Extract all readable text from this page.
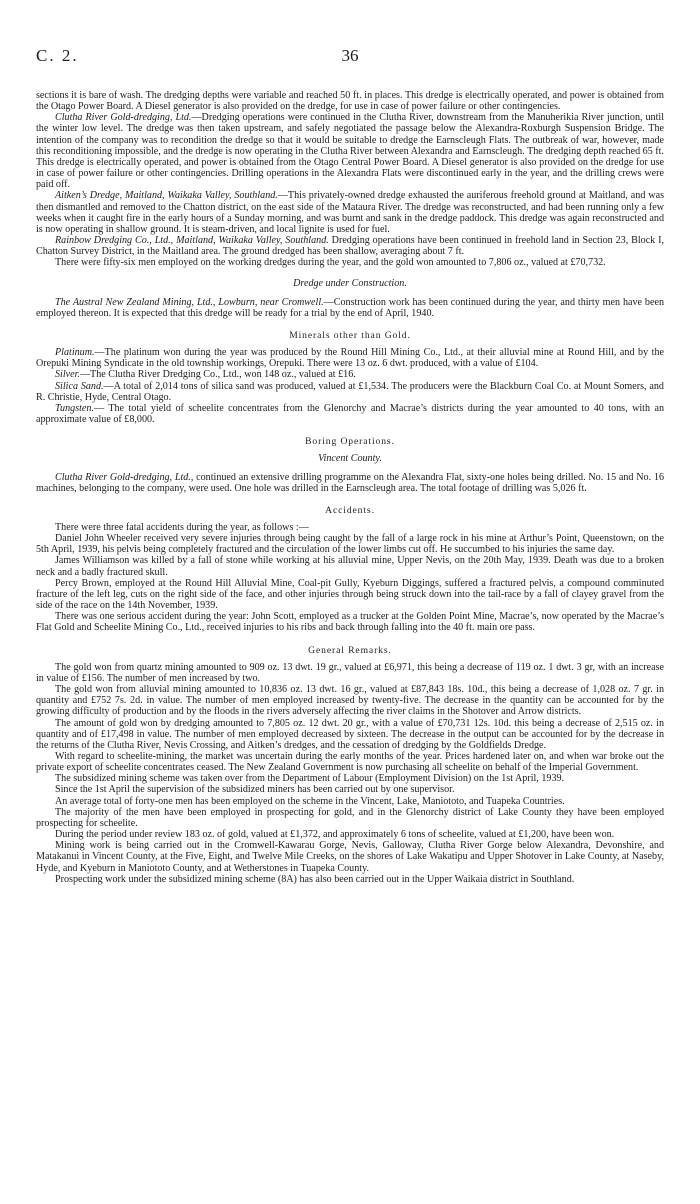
C. 2.	36

sections it is bare of wash. The dredging depths were variable and reached 50 ft. in places. This dredge is electrically operated, and power is obtained from the Otago Power Board. A Diesel generator is also provided on the dredge, for use in case of power failure or other contingencies.

Clutha River Gold-dredging, Ltd.—Dredging operations were continued in the Clutha River, downstream from the Manuherikia River junction, until the winter low level. The dredge was then taken upstream, and safely negotiated the passage below the Alexandra-Roxburgh Suspension Bridge. The intention of the company was to recondition the dredge so that it would be suitable to dredge the Earnscleugh Flats. The outbreak of war, however, made this reconditioning impossible, and the dredge is now operating in the Clutha River between Alexandra and Earnscleugh. The dredging depth reached 65 ft. This dredge is electrically operated, and power is obtained from the Otago Central Power Board. A Diesel generator is also provided on the dredge for use in case of power failure or other contingencies. Drilling operations in the Alexandra Flats were discontinued early in the year, and the drilling crews were paid off.

Aitken’s Dredge, Maitland, Waikaka Valley, Southland.—This privately-owned dredge exhausted the auriferous freehold ground at Maitland, and was then dismantled and removed to the Chatton district, on the east side of the Mataura River. The dredge was reconstructed, and had been running only a few weeks when it caught fire in the early hours of a Sunday morning, and was burnt and sank in the dredge paddock. This dredge was again reconstructed and is now operating in shallow ground. It is steam-driven, and local lignite is used for fuel.

Rainbow Dredging Co., Ltd., Maitland, Waikaka Valley, Southland. Dredging operations have been continued in freehold land in Section 23, Block I, Chatton Survey District, in the Maitland area. The ground dredged has been shallow, averaging about 7 ft.

There were fifty-six men employed on the working dredges during the year, and the gold won amounted to 7,806 oz., valued at £70,732.

Dredge under Construction.

The Austral New Zealand Mining, Ltd., Lowburn, near Cromwell.—Construction work has been continued during the year, and thirty men have been employed thereon. It is expected that this dredge will be ready for a trial by the end of April, 1940.

Minerals other than Gold.

Platinum.—The platinum won during the year was produced by the Round Hill Mining Co., Ltd., at their alluvial mine at Round Hill, and by the Orepuki Mining Syndicate in the old township workings, Orepuki. There were 13 oz. 6 dwt. produced, with a value of £104.

Silver.—The Clutha River Dredging Co., Ltd., won 148 oz., valued at £16.

Silica Sand.—A total of 2,014 tons of silica sand was produced, valued at £1,534. The producers were the Blackburn Coal Co. at Mount Somers, and R. Christie, Hyde, Central Otago.

Tungsten.— The total yield of scheelite concentrates from the Glenorchy and Macrae’s districts during the year amounted to 40 tons, with an approximate value of £8,000.

Boring Operations.
Vincent County.

Clutha River Gold-dredging, Ltd., continued an extensive drilling programme on the Alexandra Flat, sixty-one holes being drilled. No. 15 and No. 16 machines, belonging to the company, were used. One hole was drilled in the Earnscleugh area. The total footage of drilling was 5,026 ft.

Accidents.

There were three fatal accidents during the year, as follows :—

Daniel John Wheeler received very severe injuries through being caught by the fall of a large rock in his mine at Arthur’s Point, Queenstown, on the 5th April, 1939, his pelvis being completely fractured and the circulation of the lower limbs cut off. He succumbed to his injuries the same day.

James Williamson was killed by a fall of stone while working at his alluvial mine, Upper Nevis, on the 20th May, 1939. Death was due to a broken neck and a badly fractured skull.

Percy Brown, employed at the Round Hill Alluvial Mine, Coal-pit Gully, Kyeburn Diggings, suffered a fractured pelvis, a compound comminuted fracture of the left leg, cuts on the right side of the face, and other injuries through being struck down into the tail-race by a fall of clayey gravel from the side of the race on the 14th November, 1939.

There was one serious accident during the year: John Scott, employed as a trucker at the Golden Point Mine, Macrae’s, now operated by the Macrae’s Flat Gold and Scheelite Mining Co., Ltd., received injuries to his ribs and back through falling into the 40 ft. main ore pass.

General Remarks.

The gold won from quartz mining amounted to 909 oz. 13 dwt. 19 gr., valued at £6,971, this being a decrease of 119 oz. 1 dwt. 3 gr, with an increase in value of £156. The number of men increased by two.

The gold won from alluvial mining amounted to 10,836 oz. 13 dwt. 16 gr., valued at £87,843 18s. 10d., this being a decrease of 1,028 oz. 7 gr. in quantity and £752 7s. 2d. in value. The number of men employed increased by twenty-five. The decrease in the quantity can be accounted for by the growing difficulty of production and by the floods in the rivers adversely affecting the river claims in the Shotover and Arrow districts.

The amount of gold won by dredging amounted to 7,805 oz. 12 dwt. 20 gr., with a value of £70,731 12s. 10d. this being a decrease of 2,515 oz. in quantity and of £17,498 in value. The number of men employed decreased by sixteen. The decrease in the output can be accounted for by the decrease in the returns of the Clutha River, Nevis Crossing, and Aitken’s dredges, and the cessation of dredging by the Goldfields Dredge.

With regard to scheelite-mining, the market was uncertain during the early months of the year. Prices hardened later on, and when war broke out the private export of scheelite concentrates ceased. The New Zealand Government is now purchasing all scheelite on behalf of the Imperial Government.

The subsidized mining scheme was taken over from the Department of Labour (Employment Division) on the 1st April, 1939.

Since the 1st April the supervision of the subsidized miners has been carried out by one supervisor.

An average total of forty-one men has been employed on the scheme in the Vincent, Lake, Maniototo, and Tuapeka Countries.

The majority of the men have been employed in prospecting for gold, and in the Glenorchy district of Lake County they have been employed prospecting for scheelite.

During the period under review 183 oz. of gold, valued at £1,372, and approximately 6 tons of scheelite, valued at £1,200, have been won.

Mining work is being carried out in the Cromwell-Kawarau Gorge, Nevis, Galloway, Clutha River Gorge below Alexandra, Devonshire, and Matakanui in Vincent County, at the Five, Eight, and Twelve Mile Creeks, on the shores of Lake Wakatipu and Upper Shotover in Lake County, at Naseby, Hyde, and Kyeburn in Maniototo County, and at Wetherstones in Tuapeka County.

Prospecting work under the subsidized mining scheme (8A) has also been carried out in the Upper Waikaia district in Southland.
